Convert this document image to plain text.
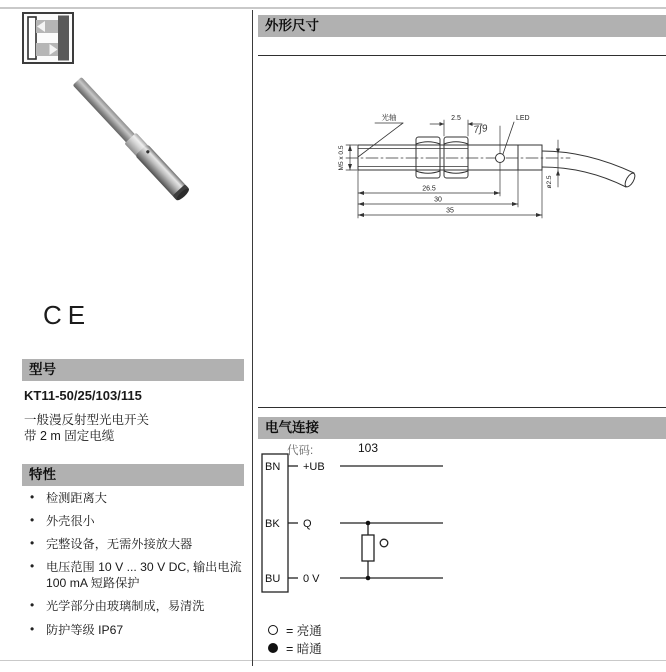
CE
型号
KT11-50/25/103/115
一般漫反射型光电开关
带 2 m 固定电缆
特性
• 检测距离大
• 外壳很小
• 完整设备，无需外接放大器
• 电压范围 10 V ... 30 V DC, 输出电流 100 mA 短路保护
• 光学部分由玻璃制成，易清洗
• 防护等级 IP67
外形尺寸
光轴	2.5
7ʃ9
LED
M5 x 0.5
ø2.5
26.5
30
35
电气连接
代码:	103
BN +UB
BK Q
BU 0 V
= 亮通
= 暗通
